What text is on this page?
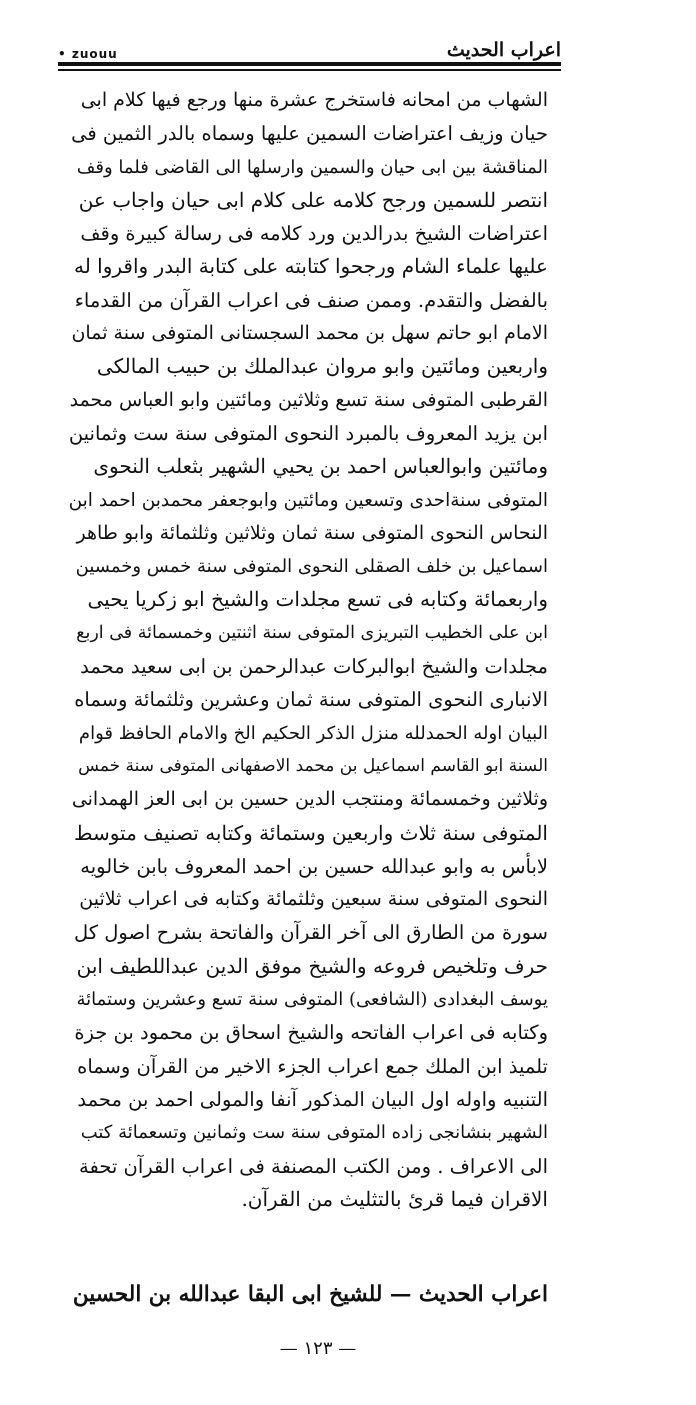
• zuouu	اعراب الحديث
الشهاب من امحانه فاستخرج عشرة منها ورجع فيها كلام ابى
حيان وزيف اعتراضات السمين عليها وسماه بالدر الثمين فى
المناقشة بين ابى حيان والسمين وارسلها الى القاضى فلما وقف
انتصر للسمين ورجح كلامه على كلام ابى حيان واجاب عن
اعتراضات الشيخ بدرالدين ورد كلامه فى رسالة كبيرة وقف
عليها علماء الشام ورجحوا كتابته على كتابة البدر واقروا له
بالفضل والتقدم. وممن صنف فى اعراب القرآن من القدماء
الامام ابو حاتم سهل بن محمد السجستانى المتوفى سنة ثمان
واربعين ومائتين وابو مروان عبدالملك بن حبيب المالكى
القرطبى المتوفى سنة تسع وثلاثين ومائتين وابو العباس محمد
ابن يزيد المعروف بالمبرد النحوى المتوفى سنة ست وثمانين
ومائتين وابوالعباس احمد بن يحيي الشهير بثعلب النحوى
المتوفى سنةاحدى وتسعين ومائتين وابوجعفر محمدبن احمد ابن
النحاس النحوى المتوفى سنة ثمان وثلاثين وثلثمائة وابو طاهر
اسماعيل بن خلف الصقلى النحوى المتوفى سنة خمس وخمسين
واربعمائة وكتابه فى تسع مجلدات والشيخ ابو زكريا يحيى
ابن على الخطيب التبريزى المتوفى سنة اثنتين وخمسمائة فى اربع
مجلدات والشيخ ابوالبركات عبدالرحمن بن ابى سعيد محمد
الانبارى النحوى المتوفى سنة ثمان وعشرين وثلثمائة وسماه
البيان اوله الحمدلله منزل الذكر الحكيم الخ والامام الحافظ قوام
السنة ابو القاسم اسماعيل بن محمد الاصفهانى المتوفى سنة خمس
وثلاثين وخمسمائة ومنتجب الدين حسين بن ابى العز الهمدانى
المتوفى سنة ثلاث واربعين وستمائة وكتابه تصنيف متوسط
لابأس به وابو عبدالله حسين بن احمد المعروف بابن خالويه
النحوى المتوفى سنة سبعين وثلثمائة وكتابه فى اعراب ثلاثين
سورة من الطارق الى آخر القرآن والفاتحة بشرح اصول كل
حرف وتلخيص فروعه والشيخ موفق الدين عبداللطيف ابن
يوسف البغدادى (الشافعى) المتوفى سنة تسع وعشرين وستمائة
وكتابه فى اعراب الفاتحه والشيخ اسحاق بن محمود بن جزة
تلميذ ابن الملك جمع اعراب الجزء الاخير من القرآن وسماه
التنبيه واوله اول البيان المذكور آنفا والمولى احمد بن محمد
الشهير بنشانجى زاده المتوفى سنة ست وثمانين وتسعمائة كتب
الى الاعراف . ومن الكتب المصنفة فى اعراب القرآن تحفة
الاقران فيما قرئ بالتثليث من القرآن.
اعراب الحديث — للشيخ ابى البقا عبدالله بن الحسين
— ١٢٣ —
